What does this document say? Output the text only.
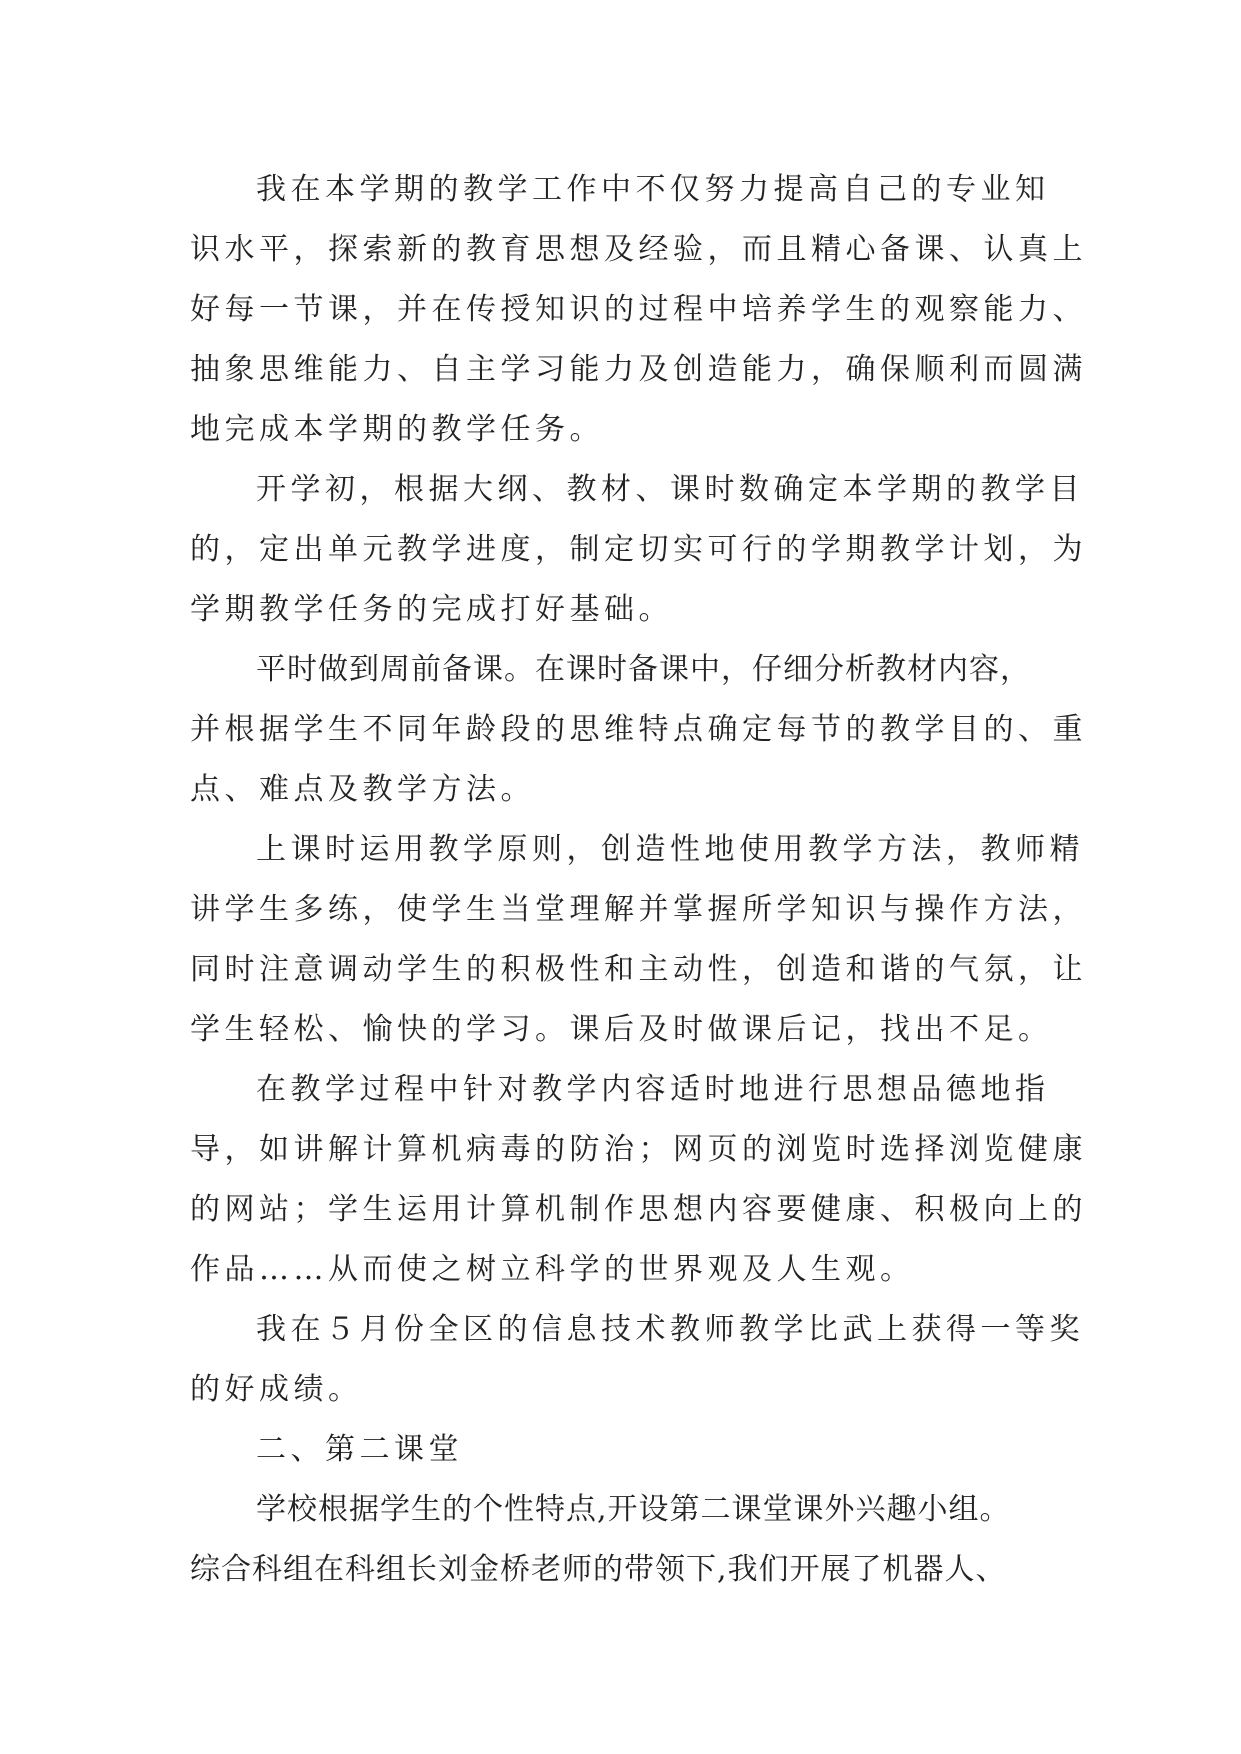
我在本学期的教学工作中不仅努力提高自己的专业知
识水平，探索新的教育思想及经验，而且精心备课、认真上
好每一节课，并在传授知识的过程中培养学生的观察能力、
抽象思维能力、自主学习能力及创造能力，确保顺利而圆满
地完成本学期的教学任务。
开学初，根据大纲、教材、课时数确定本学期的教学目
的，定出单元教学进度，制定切实可行的学期教学计划，为
学期教学任务的完成打好基础。
平时做到周前备课。在课时备课中，仔细分析教材内容，
并根据学生不同年龄段的思维特点确定每节的教学目的、重
点、难点及教学方法。
上课时运用教学原则，创造性地使用教学方法，教师精
讲学生多练，使学生当堂理解并掌握所学知识与操作方法，
同时注意调动学生的积极性和主动性，创造和谐的气氛，让
学生轻松、愉快的学习。课后及时做课后记，找出不足。
在教学过程中针对教学内容适时地进行思想品德地指
导，如讲解计算机病毒的防治；网页的浏览时选择浏览健康
的网站；学生运用计算机制作思想内容要健康、积极向上的
作品……从而使之树立科学的世界观及人生观。
我在５月份全区的信息技术教师教学比武上获得一等奖
的好成绩。
二、第二课堂
学校根据学生的个性特点,开设第二课堂课外兴趣小组。
综合科组在科组长刘金桥老师的带领下,我们开展了机器人、
